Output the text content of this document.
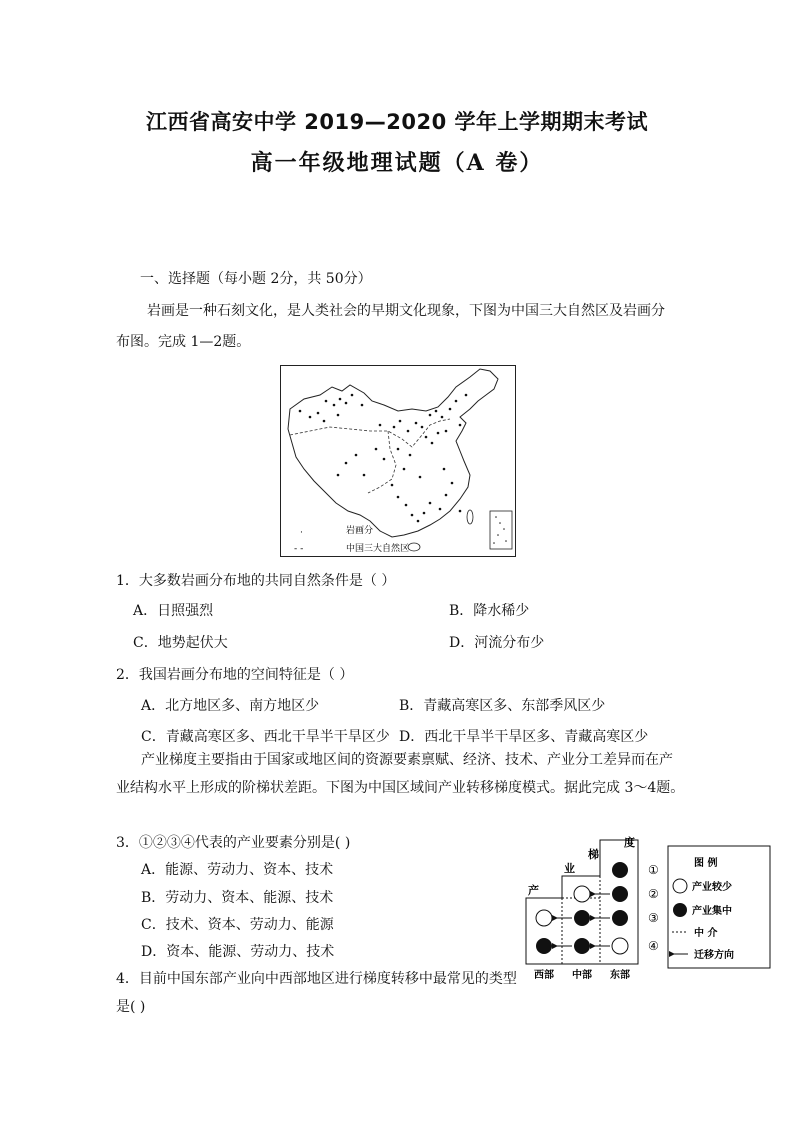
江西省高安中学 2019—2020 学年上学期期末考试
高一年级地理试题（A 卷）
一、选择题（每小题 2分，共 50分）
岩画是一种石刻文化，是人类社会的早期文化现象，下图为中国三大自然区及岩画分
布图。完成 1—2题。
岩画分
中国三大自然区
- -
·
1．大多数岩画分布地的共同自然条件是（ ）
A．日照强烈	B．降水稀少
C．地势起伏大	D．河流分布少
2．我国岩画分布地的空间特征是（ ）
A．北方地区多、南方地区少	B．青藏高寒区多、东部季风区少
C．青藏高寒区多、西北干旱半干旱区少 D．西北干旱半干旱区多、青藏高寒区少
产业梯度主要指由于国家或地区间的资源要素禀赋、经济、技术、产业分工差异而在产
业结构水平上形成的阶梯状差距。下图为中国区域间产业转移梯度模式。据此完成 3～4题。
3．①②③④代表的产业要素分别是( )
A．能源、劳动力、资本、技术
B．劳动力、资本、能源、技术
C．技术、资本、劳动力、能源
D．资本、能源、劳动力、技术
4．目前中国东部产业向中西部地区进行梯度转移中最常见的类型
是( )
产
业
梯
度
①
②
③
④
西部 中部 东部
图 例
产业较少
产业集中
中 介
迁移方向
